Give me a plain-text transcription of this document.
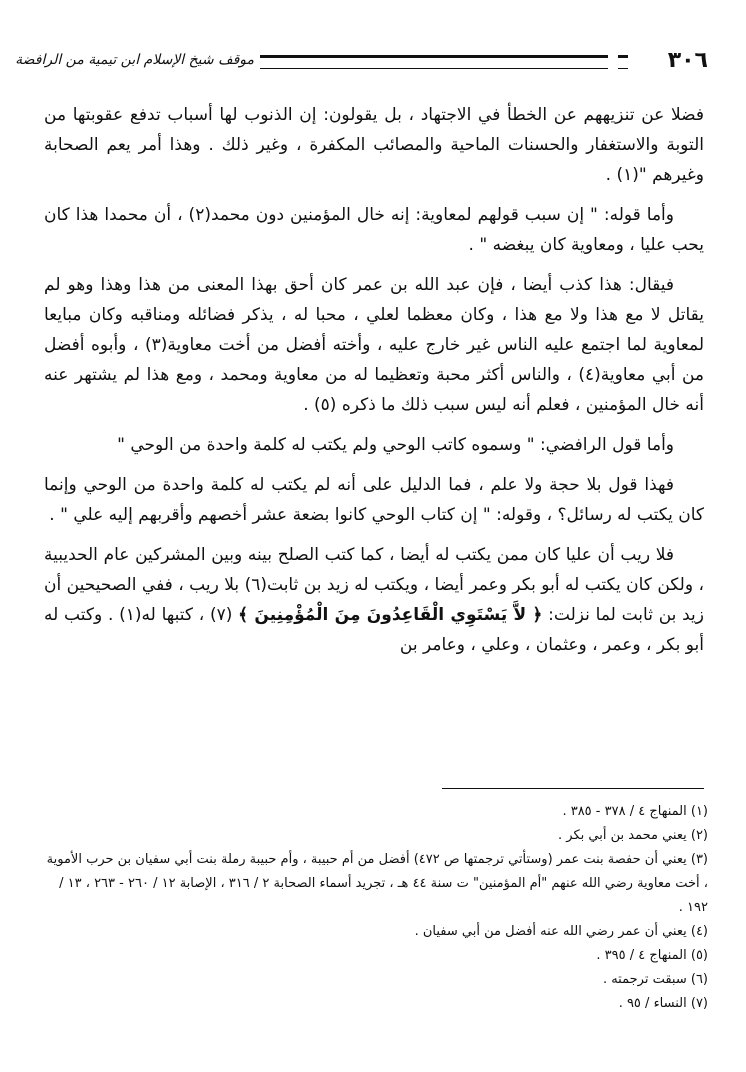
٣٠٦
موقف شيخ الإسلام ابن تيمية من الرافضة

فضلا عن تنزيههم عن الخطأ في الاجتهاد ، بل يقولون: إن الذنوب لها أسباب تدفع عقوبتها من التوبة والاستغفار والحسنات الماحية والمصائب المكفرة ، وغير ذلك . وهذا أمر يعم الصحابة وغيرهم "(١) .

وأما قوله: " إن سبب قولهم لمعاوية: إنه خال المؤمنين دون محمد(٢) ، أن محمدا هذا كان يحب عليا ، ومعاوية كان يبغضه " .

فيقال: هذا كذب أيضا ، فإن عبد الله بن عمر كان أحق بهذا المعنى من هذا وهذا وهو لم يقاتل لا مع هذا ولا مع هذا ، وكان معظما لعلي ، محبا له ، يذكر فضائله ومناقبه وكان مبايعا لمعاوية لما اجتمع عليه الناس غير خارج عليه ، وأخته أفضل من أخت معاوية(٣) ، وأبوه أفضل من أبي معاوية(٤) ، والناس أكثر محبة وتعظيما له من معاوية ومحمد ، ومع هذا لم يشتهر عنه أنه خال المؤمنين ، فعلم أنه ليس سبب ذلك ما ذكره (٥) .

وأما قول الرافضي: " وسموه كاتب الوحي ولم يكتب له كلمة واحدة من الوحي "

فهذا قول بلا حجة ولا علم ، فما الدليل على أنه لم يكتب له كلمة واحدة من الوحي وإنما كان يكتب له رسائل؟ ، وقوله: " إن كتاب الوحي كانوا بضعة عشر أخصهم وأقربهم إليه علي " .

فلا ريب أن عليا كان ممن يكتب له أيضا ، كما كتب الصلح بينه وبين المشركين عام الحديبية ، ولكن كان يكتب له أبو بكر وعمر أيضا ، ويكتب له زيد بن ثابت(٦) بلا ريب ، ففي الصحيحين أن زيد بن ثابت لما نزلت: ﴿ لاَّ يَسْتَوِي الْقَاعِدُونَ مِنَ الْمُؤْمِنِينَ ﴾ (٧) ، كتبها له(١) . وكتب له أبو بكر ، وعمر ، وعثمان ، وعلي ، وعامر بن

(١) المنهاج ٤ / ٣٧٨ - ٣٨٥ .

(٢) يعني محمد بن أبي بكر .

(٣) يعني أن حفصة بنت عمر (وستأتي ترجمتها ص ٤٧٢) أفضل من أم حبيبة ، وأم حبيبة رملة بنت أبي سفيان بن حرب الأموية ، أخت معاوية رضي الله عنهم "أم المؤمنين" ت سنة ٤٤ هـ ، تجريد أسماء الصحابة ٢ / ٣١٦ ، الإصابة ١٢ / ٢٦٠ - ٢٦٣ ، ١٣ / ١٩٢ .

(٤) يعني أن عمر رضي الله عنه أفضل من أبي سفيان .

(٥) المنهاج ٤ / ٣٩٥ .

(٦) سبقت ترجمته .

(٧) النساء / ٩٥ .
